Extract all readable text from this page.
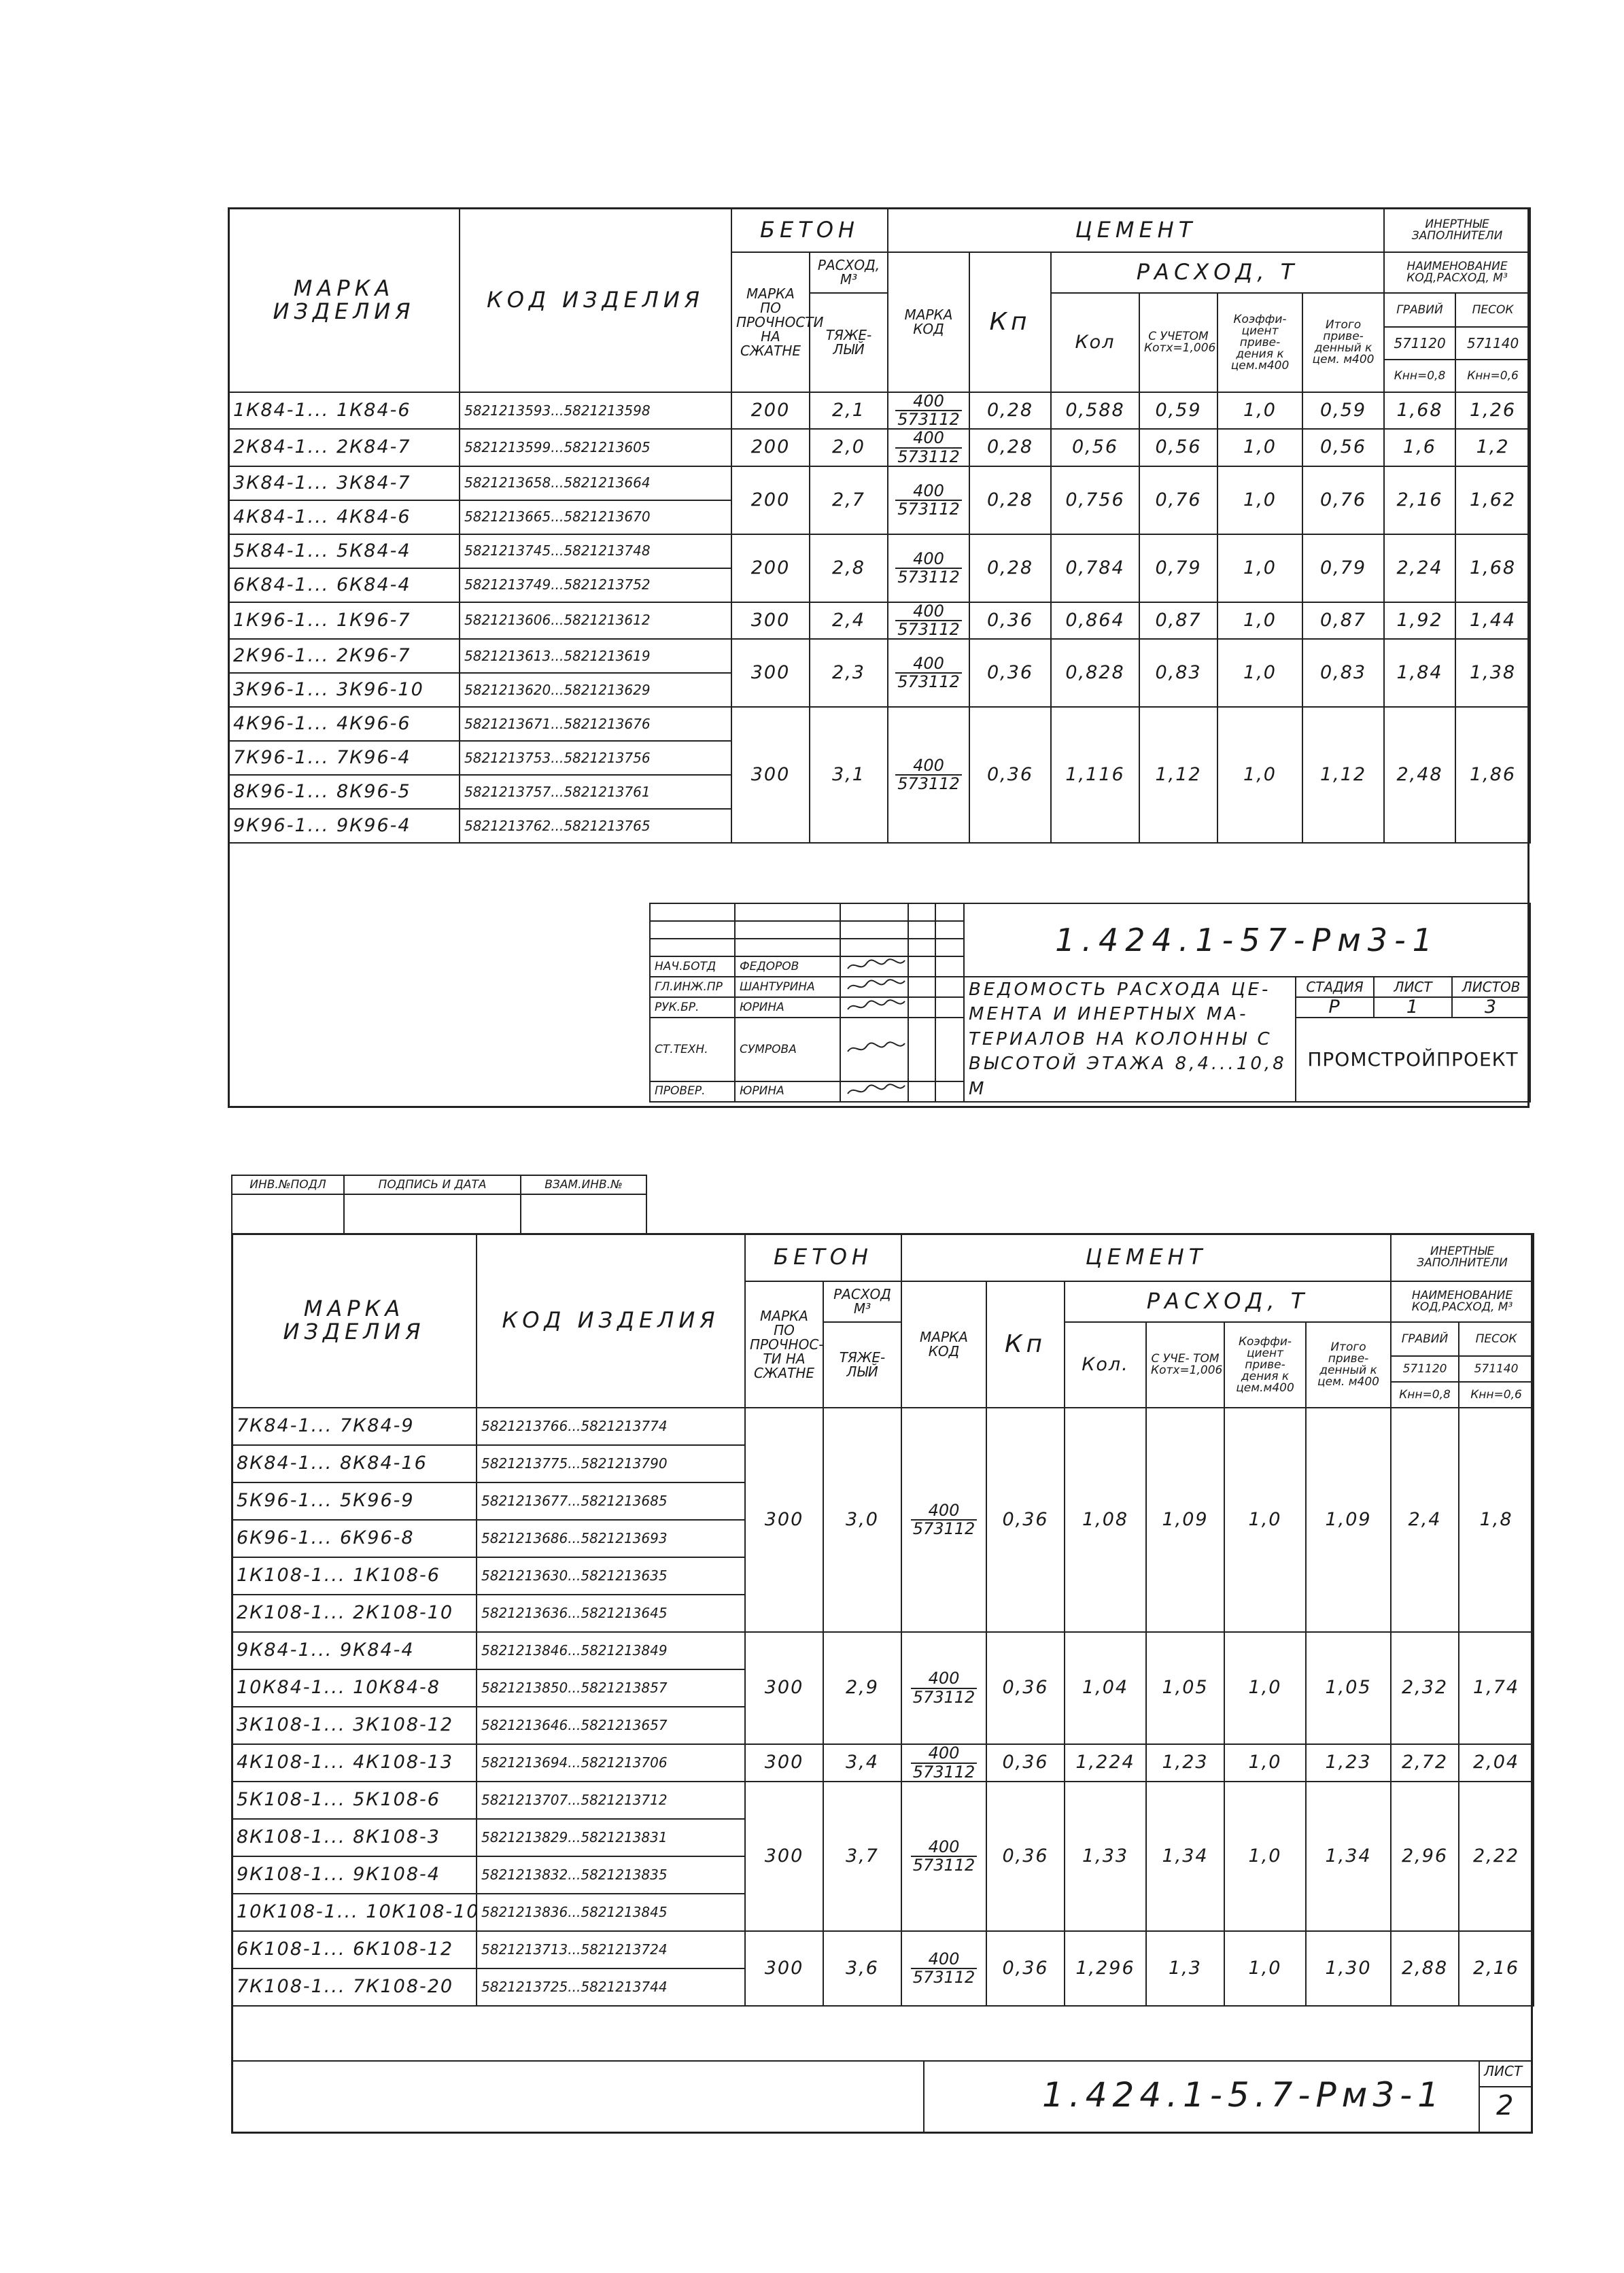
МАРКА ИЗДЕЛИЯ	КОД ИЗДЕЛИЯ	БЕТОН		ЦЕМЕНТ						ИНЕРТНЫЕ ЗАПОЛНИТЕЛИ	
		МАРКА ПО ПРОЧНОСТИ НА СЖАТНЕ	РАСХОД, М³	МАРКА КОД	Кп	РАСХОД, Т				НАИМЕНОВАНИЕ КОД,РАСХОД, М³	
			ТЯЖЕ- ЛЫЙ			Кол	С УЧЕТОМ Котх=1,006	Коэффи- циент приве- дения к цем.м400	Итого приве- денный к цем. м400	ГРАВИЙ	ПЕСОК
										571120	571140
										Кнн=0,8	Кнн=0,6
1К84-1... 1К84-6	5821213593...5821213598	200	2,1	$\frac{400}{573112}$	0,28	0,588	0,59	1,0	0,59	1,68	1,26
2К84-1... 2К84-7	5821213599...5821213605	200	2,0	$\frac{400}{573112}$	0,28	0,56	0,56	1,0	0,56	1,6	1,2
3К84-1... 3К84-7	5821213658...5821213664	200	2,7	$\frac{400}{573112}$	0,28	0,756	0,76	1,0	0,76	2,16	1,62
4К84-1... 4К84-6	5821213665...5821213670										
5К84-1... 5К84-4	5821213745...5821213748	200	2,8	$\frac{400}{573112}$	0,28	0,784	0,79	1,0	0,79	2,24	1,68
6К84-1... 6К84-4	5821213749...5821213752										
1К96-1... 1К96-7	5821213606...5821213612	300	2,4	$\frac{400}{573112}$	0,36	0,864	0,87	1,0	0,87	1,92	1,44
2К96-1... 2К96-7	5821213613...5821213619	300	2,3	$\frac{400}{573112}$	0,36	0,828	0,83	1,0	0,83	1,84	1,38
3К96-1... 3К96-10	5821213620...5821213629										
4К96-1... 4К96-6	5821213671...5821213676	300	3,1	$\frac{400}{573112}$	0,36	1,116	1,12	1,0	1,12	2,48	1,86
7К96-1... 7К96-4	5821213753...5821213756										
8К96-1... 8К96-5	5821213757...5821213761										
9К96-1... 9К96-4	5821213762...5821213765										
					1.424.1-57-Рм3-1			

НАЧ.БОТД	ФЕДОРОВ	

ГЛ.ИНЖ.ПР	ШАНТУРИНА				ВЕДОМОСТЬ РАСХОДА ЦЕ- МЕНТА И ИНЕРТНЫХ МА- ТЕРИАЛОВ НА КОЛОННЫ С ВЫСОТОЙ ЭТАЖА 8,4...10,8 М	СТАДИЯ	ЛИСТ	ЛИСТОВ
РУК.БР.	ЮРИНА					Р	1	3
СТ.ТЕХН.	СУМРОВА					ПРОМСТРОЙПРОЕКТ		
ПРОВЕР.	ЮРИНА	

ИНВ.№ПОДЛ	ПОДПИСЬ И ДАТА	ВЗАМ.ИНВ.№

МАРКА ИЗДЕЛИЯ	КОД ИЗДЕЛИЯ	БЕТОН		ЦЕМЕНТ						ИНЕРТНЫЕ ЗАПОЛНИТЕЛИ	
		МАРКА ПО ПРОЧНОС- ТИ НА СЖАТНЕ	РАСХОД М³	МАРКА КОД	Кп	РАСХОД, Т				НАИМЕНОВАНИЕ КОД,РАСХОД, М³	
			ТЯЖЕ- ЛЫЙ			Кол.	С УЧЕ- ТОМ Котх=1,006	Коэффи- циент приве- дения к цем.м400	Итого приве- денный к цем. м400	ГРАВИЙ	ПЕСОК
										571120	571140
										Кнн=0,8	Кнн=0,6
7К84-1... 7К84-9	5821213766...5821213774	300	3,0	$\frac{400}{573112}$	0,36	1,08	1,09	1,0	1,09	2,4	1,8
8К84-1... 8К84-16	5821213775...5821213790										
5К96-1... 5К96-9	5821213677...5821213685										
6К96-1... 6К96-8	5821213686...5821213693										
1К108-1... 1К108-6	5821213630...5821213635										
2К108-1... 2К108-10	5821213636...5821213645										
9К84-1... 9К84-4	5821213846...5821213849	300	2,9	$\frac{400}{573112}$	0,36	1,04	1,05	1,0	1,05	2,32	1,74
10К84-1... 10К84-8	5821213850...5821213857										
3К108-1... 3К108-12	5821213646...5821213657										
4К108-1... 4К108-13	5821213694...5821213706	300	3,4	$\frac{400}{573112}$	0,36	1,224	1,23	1,0	1,23	2,72	2,04
5К108-1... 5К108-6	5821213707...5821213712	300	3,7	$\frac{400}{573112}$	0,36	1,33	1,34	1,0	1,34	2,96	2,22
8К108-1... 8К108-3	5821213829...5821213831										
9К108-1... 9К108-4	5821213832...5821213835										
10К108-1... 10К108-10	5821213836...5821213845										
6К108-1... 6К108-12	5821213713...5821213724	300	3,6	$\frac{400}{573112}$	0,36	1,296	1,3	1,0	1,30	2,88	2,16
7К108-1... 7К108-20	5821213725...5821213744										
1.424.1-5.7-Рм3-1
ЛИСТ
2
